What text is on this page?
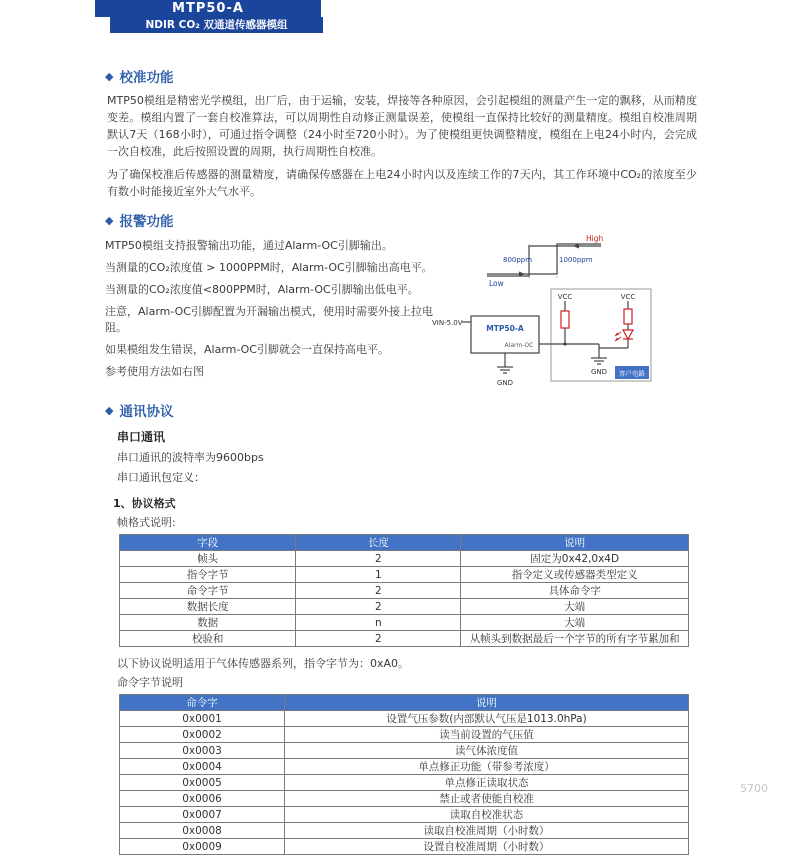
MTP50-A
NDIR CO₂ 双通道传感器模组
◆ 校准功能

MTP50模组是精密光学模组，出厂后，由于运输，安装，焊接等各种原因，会引起模组的测量产生一定的飘移，从而精度变差。模组内置了一套自校准算法，可以周期性自动修正测量误差，使模组一直保持比较好的测量精度。模组自校准周期默认7天（168小时），可通过指令调整（24小时至720小时）。为了使模组更快调整精度，模组在上电24小时内，会完成一次自校准，此后按照设置的周期，执行周期性自校准。

为了确保校准后传感器的测量精度，请确保传感器在上电24小时内以及连续工作的7天内，其工作环境中CO₂的浓度至少有数小时能接近室外大气水平。

◆ 报警功能

MTP50模组支持报警输出功能，通过Alarm-OC引脚输出。

当测量的CO₂浓度值 > 1000PPM时，Alarm-OC引脚输出高电平。

当测量的CO₂浓度值<800PPM时，Alarm-OC引脚输出低电平。

注意，Alarm-OC引脚配置为开漏输出模式，使用时需要外接上拉电阻。

如果模组发生错误，Alarm-OC引脚就会一直保持高电平。

参考使用方法如右图

High
800ppm	1000ppm
Low
VIN-5.0V
MTP50-A
Alarm-OC
GND
VCC	VCC
GND 客户电路
◆ 通讯协议
串口通讯
串口通讯的波特率为9600bps
串口通讯包定义：
1、协议格式
帧格式说明:
字段	长度	说明
帧头	2	固定为0x42,0x4D
指令字节	1	指令定义或传感器类型定义
命令字节	2	具体命令字
数据长度	2	大端
数据	n	大端
校验和	2	从帧头到数据最后一个字节的所有字节累加和
以下协议说明适用于气体传感器系列，指令字节为：0xA0。
命令字节说明
命令字	说明
0x0001	设置气压参数(内部默认气压是1013.0hPa)
0x0002	读当前设置的气压值
0x0003	读气体浓度值
0x0004	单点修正功能（带参考浓度）
0x0005	单点修正读取状态
0x0006	禁止或者使能自校准
0x0007	读取自校准状态
0x0008	读取自校准周期（小时数）
0x0009	设置自校准周期（小时数）
5700
